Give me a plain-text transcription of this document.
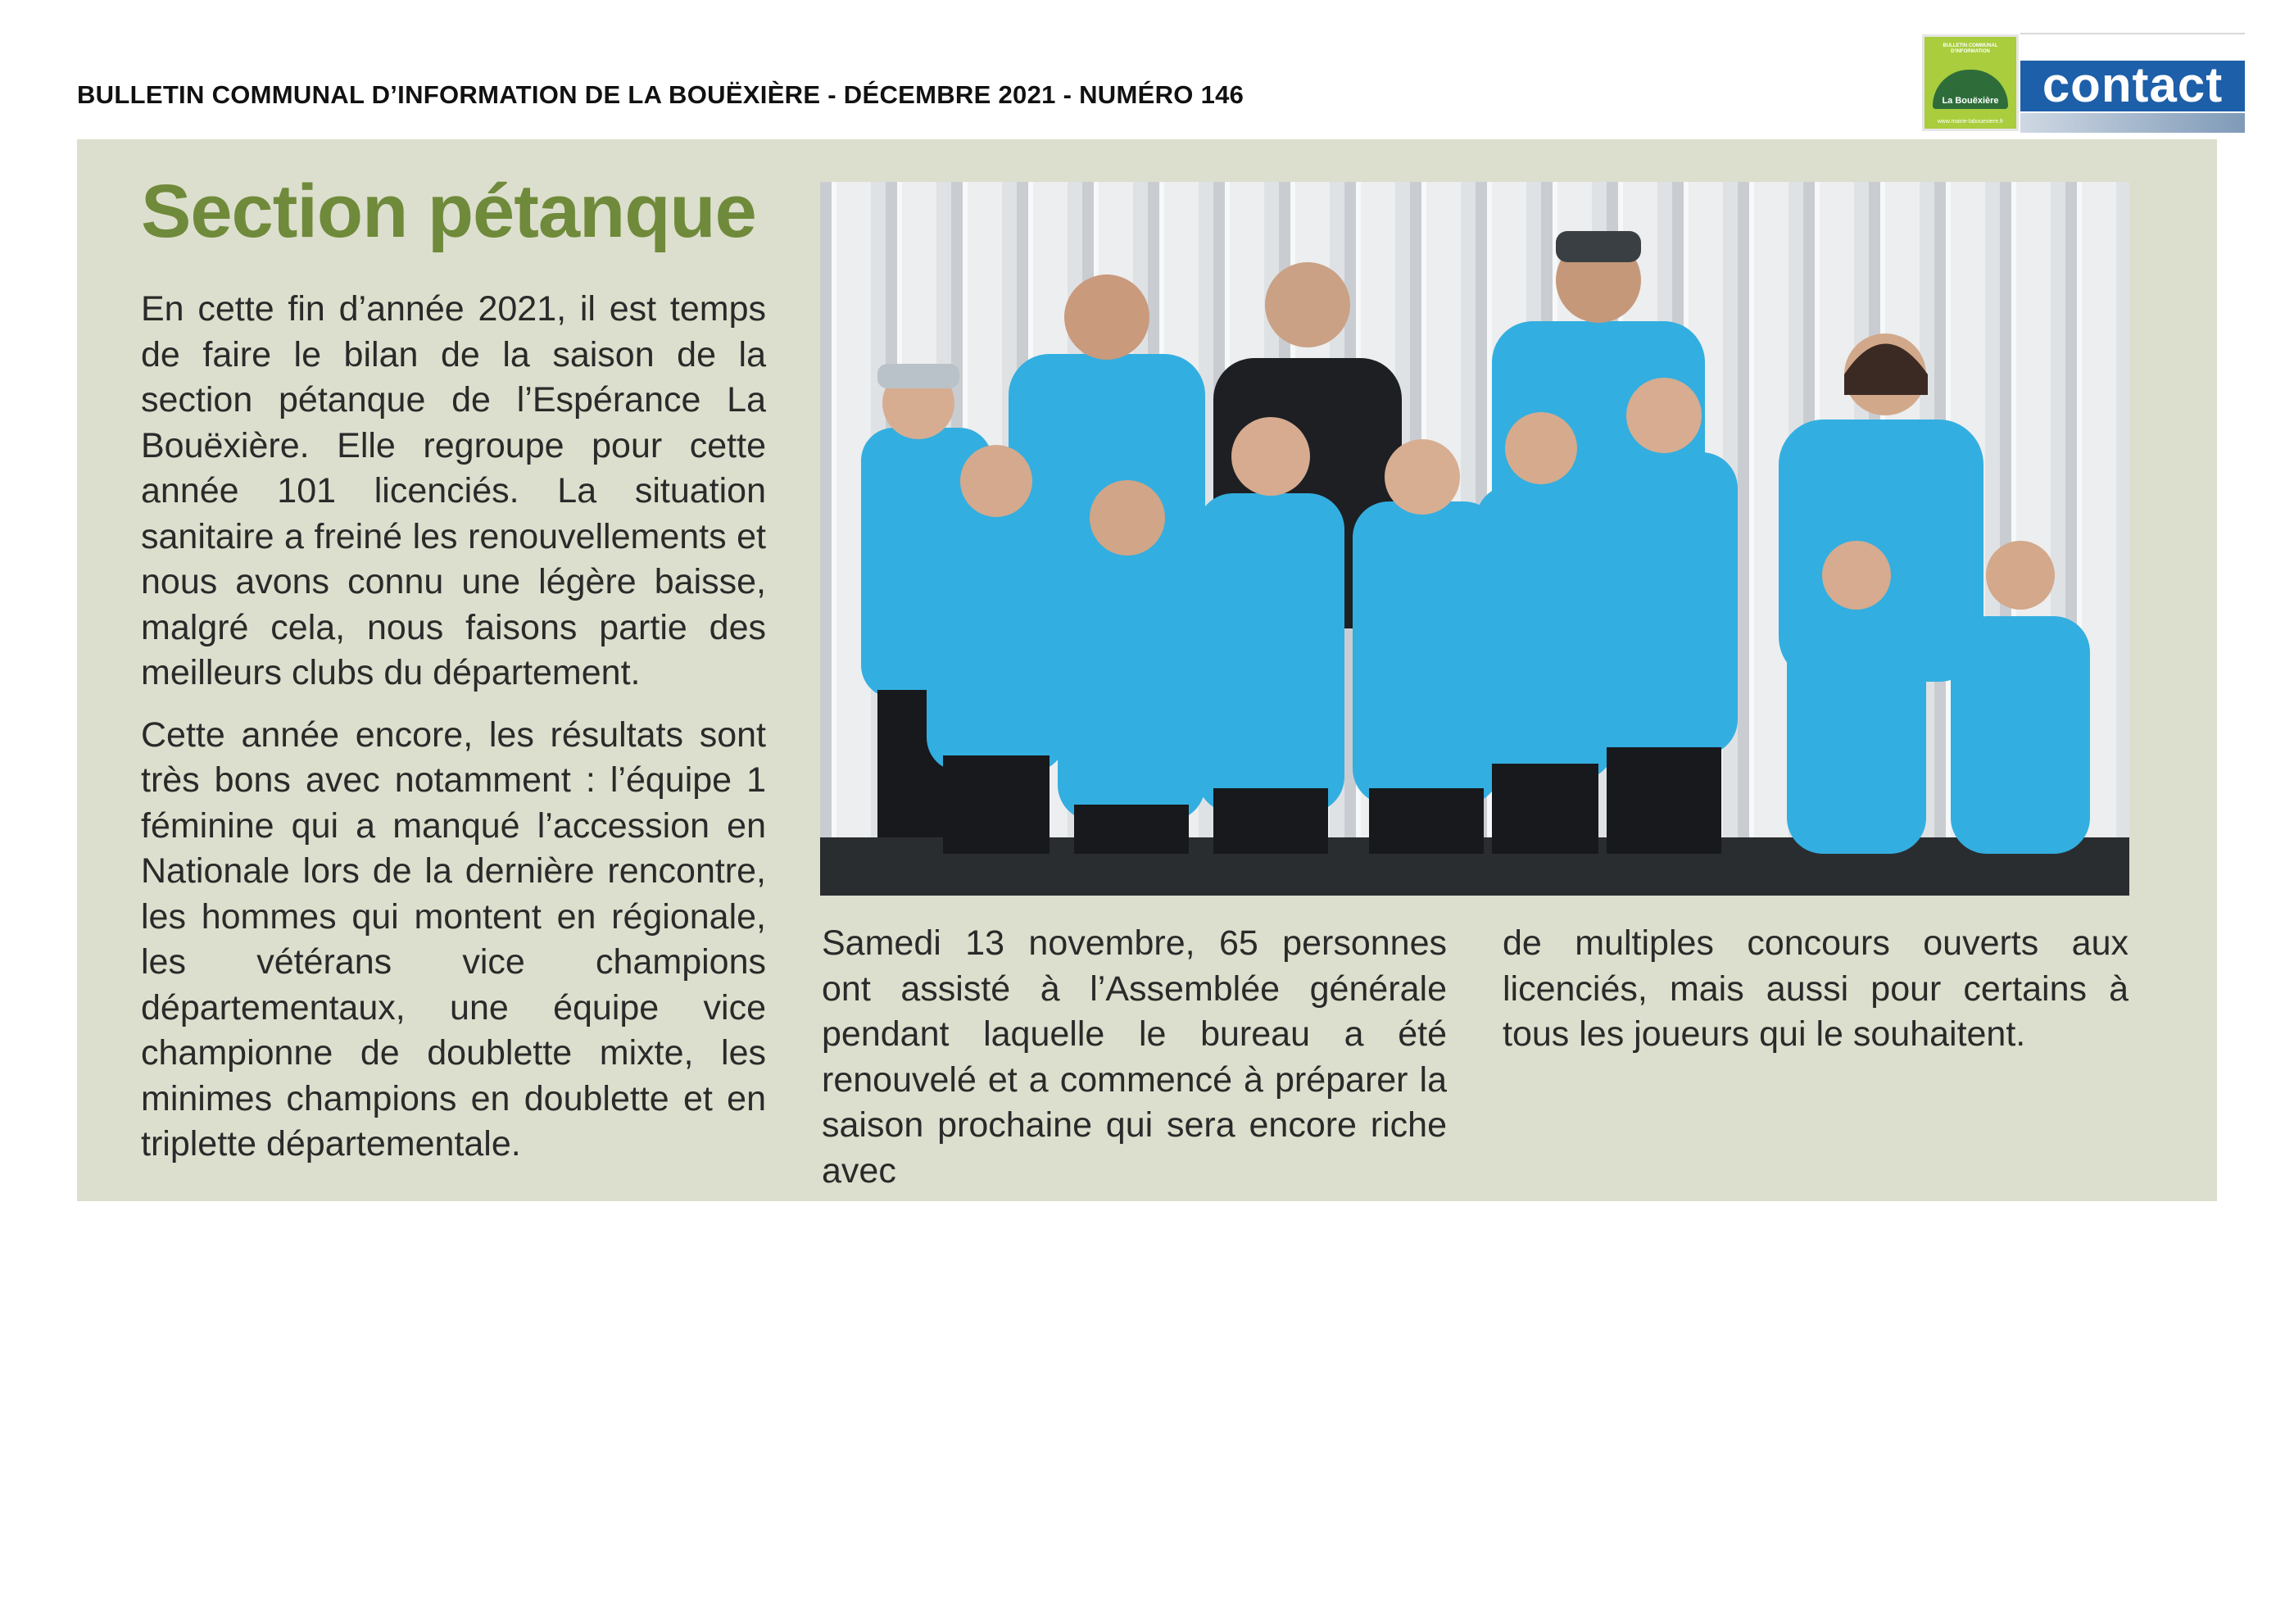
BULLETIN COMMUNAL D’INFORMATION DE LA BOUËXIÈRE - DÉCEMBRE 2021 - NUMÉRO 146
BULLETIN COMMUNAL D'INFORMATION
La Bouëxière
www.mairie-labouexiere.fr
contact
Section pétanque

En cette fin d’année 2021, il est temps de faire le bilan de la saison de la section pétanque de l’Espérance La Bouëxière. Elle regroupe pour cette année 101 licenciés. La situation sanitaire a freiné les renouvellements et nous avons connu une légère baisse, malgré cela, nous faisons partie des meilleurs clubs du département.

Cette année encore, les résultats sont très bons avec notamment : l’équipe 1 féminine qui a manqué l’accession en Nationale lors de la dernière rencontre, les hommes qui montent en régionale, les vétérans vice champions départementaux, une équipe vice championne de doublette mixte, les minimes champions en doublette et en triplette départementale.

Samedi 13 novembre, 65 personnes ont assisté à l’Assemblée générale pendant laquelle le bureau a été renouvelé et a commencé à préparer la saison prochaine qui sera encore riche avec

de multiples concours ouverts aux licenciés, mais aussi pour certains à tous les joueurs qui le souhaitent.
